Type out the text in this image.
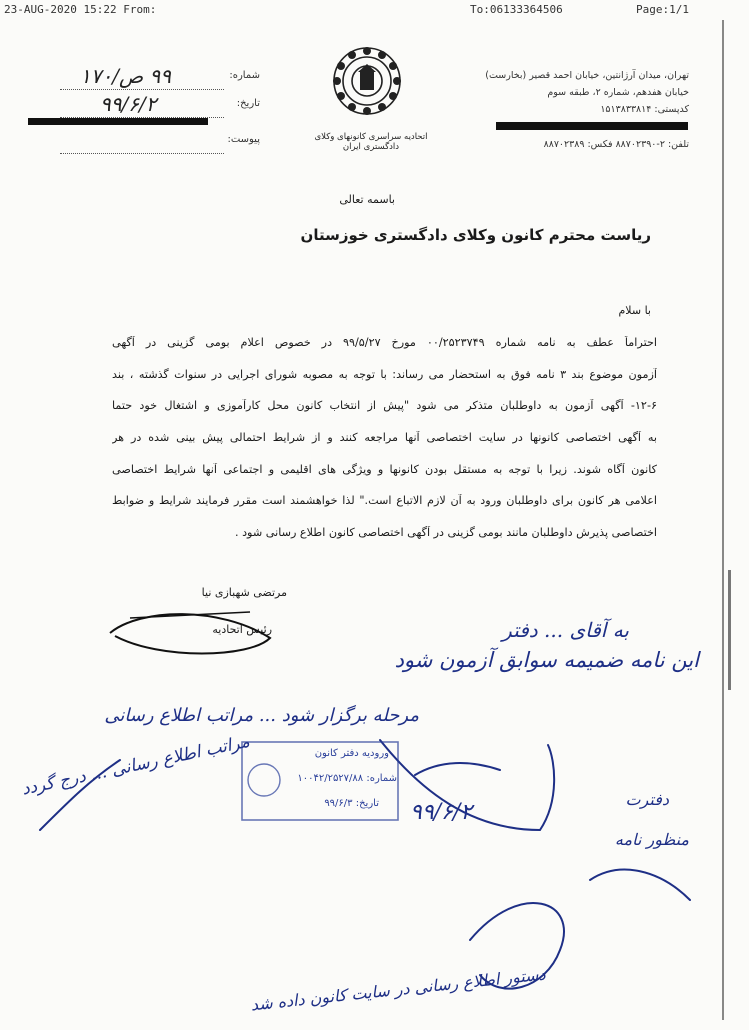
23-AUG-2020 15:22 From:	To:06133364506	Page:1/1
۹۹ ص/۱۷۰	شماره:
۹۹/۶/۲	تاریخ:
پیوست:	اتحادیه سراسری کانونهای وکلای دادگستری ایران
تهران، میدان آرژانتین، خیابان احمد قصیر (بخارست)
خیابان هفدهم، شماره ۲، طبقه سوم
کدپستی: ۱۵۱۳۸۳۳۸۱۴
تلفن: ۲-۸۸۷۰۲۳۹۰ فکس: ۸۸۷۰۲۳۸۹
باسمه تعالی
ریاست محترم کانون وکلای دادگستری خوزستان
با سلام
احتراماً عطف به نامه شماره ۰۰/۲۵۲۳۷۴۹ مورخ ۹۹/۵/۲۷ در خصوص اعلام بومی گزینی در آگهی
آزمون موضوع بند ۳ نامه فوق به استحضار می رساند: با توجه به مصوبه شورای اجرایی در سنوات گذشته ، بند
۱۲-۶- آگهی آزمون به داوطلبان متذکر می شود "پیش از انتخاب کانون محل کارآموزی و اشتغال خود حتما
به آگهی اختصاصی کانونها در سایت اختصاصی آنها مراجعه کنند و از شرایط احتمالی پیش بینی شده در هر
کانون آگاه شوند. زیرا با توجه به مستقل بودن کانونها و ویژگی های اقلیمی و اجتماعی آنها شرایط اختصاصی
اعلامی هر کانون برای داوطلبان ورود به آن لازم الاتباع است." لذا خواهشمند است مقرر فرمایند شرایط و ضوابط
اختصاصی پذیرش داوطلبان مانند بومی گزینی در آگهی اختصاصی کانون اطلاع رسانی شود .
مرتضی شهبازی نیا
رئیس اتحادیه	به آقای ... دفتر
این نامه ضمیمه سوابق آزمون شود
مرحله برگزار شود ... مراتب اطلاع رسانی
مراتب اطلاع رسانی ... درج گردد
۹۹/۶/۲
دفترت
منظور نامه
دستور اطلاع رسانی در سایت کانون داده شد
ورودیه دفتر کانون
شماره: ۱۰۰۴۲/۲۵۲۷/۸۸
تاریخ: ۹۹/۶/۳
